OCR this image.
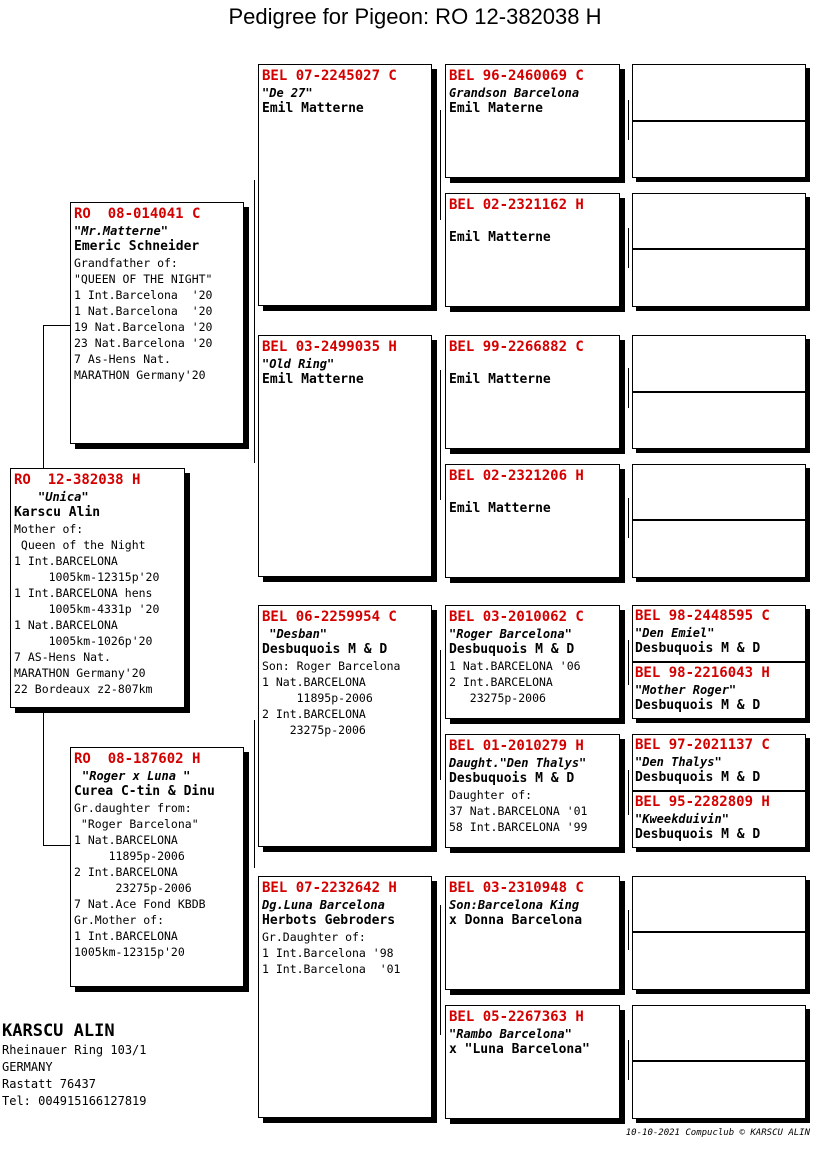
Pedigree for Pigeon: RO 12-382038 H
RO  12-382038 H
"Unica"
Karscu Alin
Mother of:
Queen of the Night
1 Int.BARCELONA
1005km-12315p'20
1 Int.BARCELONA hens
1005km-4331p '20
1 Nat.BARCELONA
1005km-1026p'20
7 AS-Hens Nat.
MARATHON Germany'20
22 Bordeaux z2-807km
RO  08-014041 C
"Mr.Matterne"
Emeric Schneider
Grandfather of:
"QUEEN OF THE NIGHT"
1 Int.Barcelona  '20
1 Nat.Barcelona  '20
19 Nat.Barcelona '20
23 Nat.Barcelona '20
7 As-Hens Nat.
MARATHON Germany'20
RO  08-187602 H
"Roger x Luna "
Curea C-tin & Dinu
Gr.daughter from:
"Roger Barcelona"
1 Nat.BARCELONA
11895p-2006
2 Int.BARCELONA
23275p-2006
7 Nat.Ace Fond KBDB
Gr.Mother of:
1 Int.BARCELONA
1005km-12315p'20
BEL 07-2245027 C
"De 27"
Emil Matterne
BEL 03-2499035 H
"Old Ring"
Emil Matterne
BEL 06-2259954 C
"Desban"
Desbuquois M & D
Son: Roger Barcelona
1 Nat.BARCELONA
11895p-2006
2 Int.BARCELONA
23275p-2006
BEL 07-2232642 H
Dg.Luna Barcelona
Herbots Gebroders
Gr.Daughter of:
1 Int.Barcelona '98
1 Int.Barcelona  '01
BEL 96-2460069 C
Grandson Barcelona
Emil Materne
BEL 02-2321162 H
Emil Matterne
BEL 99-2266882 C
Emil Matterne
BEL 02-2321206 H
Emil Matterne
BEL 03-2010062 C
"Roger Barcelona"
Desbuquois M & D
1 Nat.BARCELONA '06
2 Int.BARCELONA
23275p-2006
BEL 01-2010279 H
Daught."Den Thalys"
Desbuquois M & D
Daughter of:
37 Nat.BARCELONA '01
58 Int.BARCELONA '99
BEL 03-2310948 C
Son:Barcelona King
x Donna Barcelona
BEL 05-2267363 H
"Rambo Barcelona"
x "Luna Barcelona"
BEL 98-2448595 C
"Den Emiel"
Desbuquois M & D
BEL 98-2216043 H
"Mother Roger"
Desbuquois M & D
BEL 97-2021137 C
"Den Thalys"
Desbuquois M & D
BEL 95-2282809 H
"Kweekduivin"
Desbuquois M & D
KARSCU ALIN
Rheinauer Ring 103/1
GERMANY
Rastatt 76437
Tel: 004915166127819
10-10-2021 Compuclub © KARSCU ALIN
